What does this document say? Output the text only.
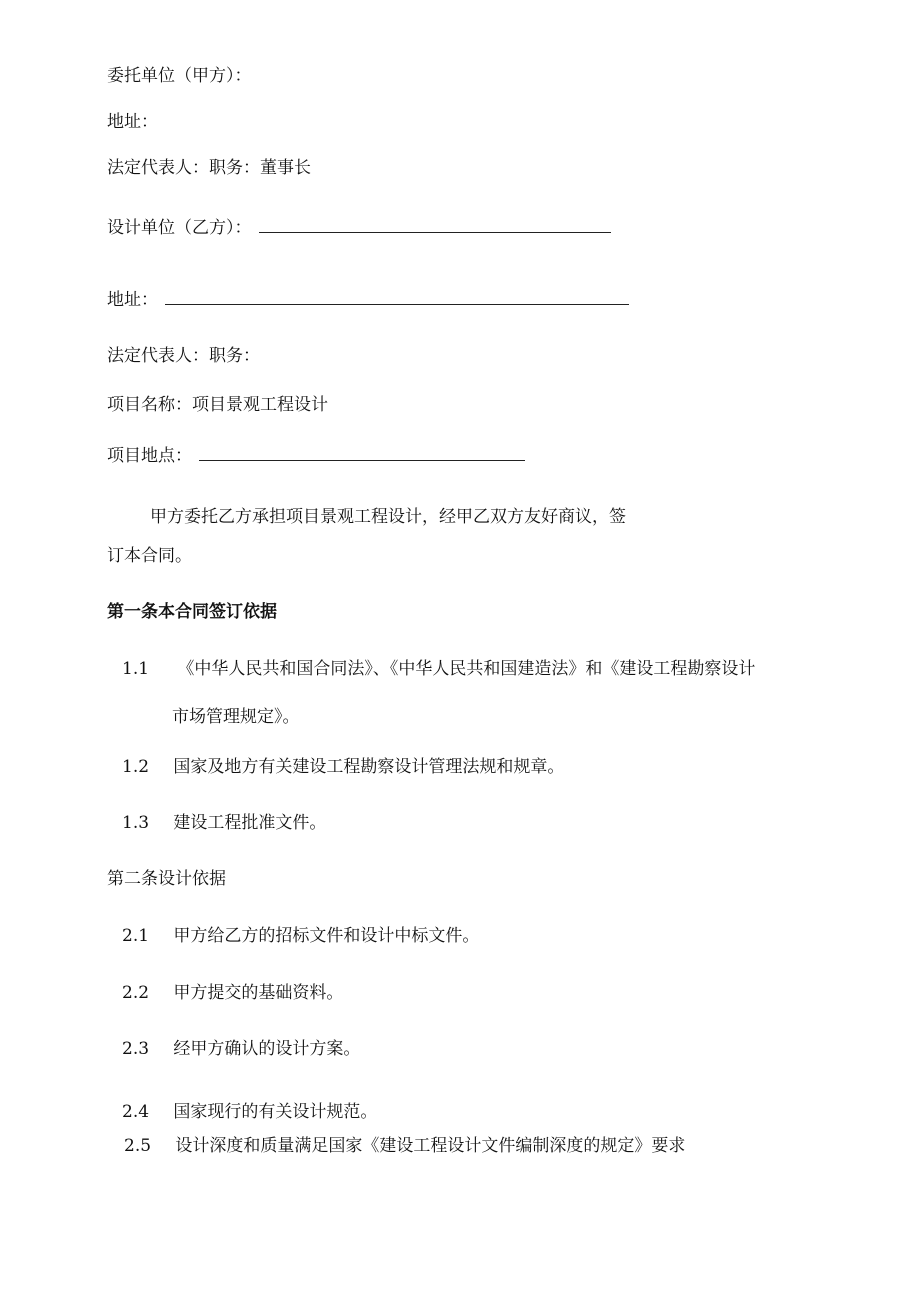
委托单位（甲方）：
地址：
法定代表人：职务：董事长
设计单位（乙方）：
地址：
法定代表人：职务：
项目名称：项目景观工程设计
项目地点：
甲方委托乙方承担项目景观工程设计，经甲乙双方友好商议，签
订本合同。
第一条本合同签订依据
1.1 《中华人民共和国合同法》、《中华人民共和国建造法》和《建设工程勘察设计
市场管理规定》。
1.2 国家及地方有关建设工程勘察设计管理法规和规章。
1.3 建设工程批准文件。
第二条设计依据
2.1 甲方给乙方的招标文件和设计中标文件。
2.2 甲方提交的基础资料。
2.3 经甲方确认的设计方案。
2.4 国家现行的有关设计规范。
2.5 设计深度和质量满足国家《建设工程设计文件编制深度的规定》要求
